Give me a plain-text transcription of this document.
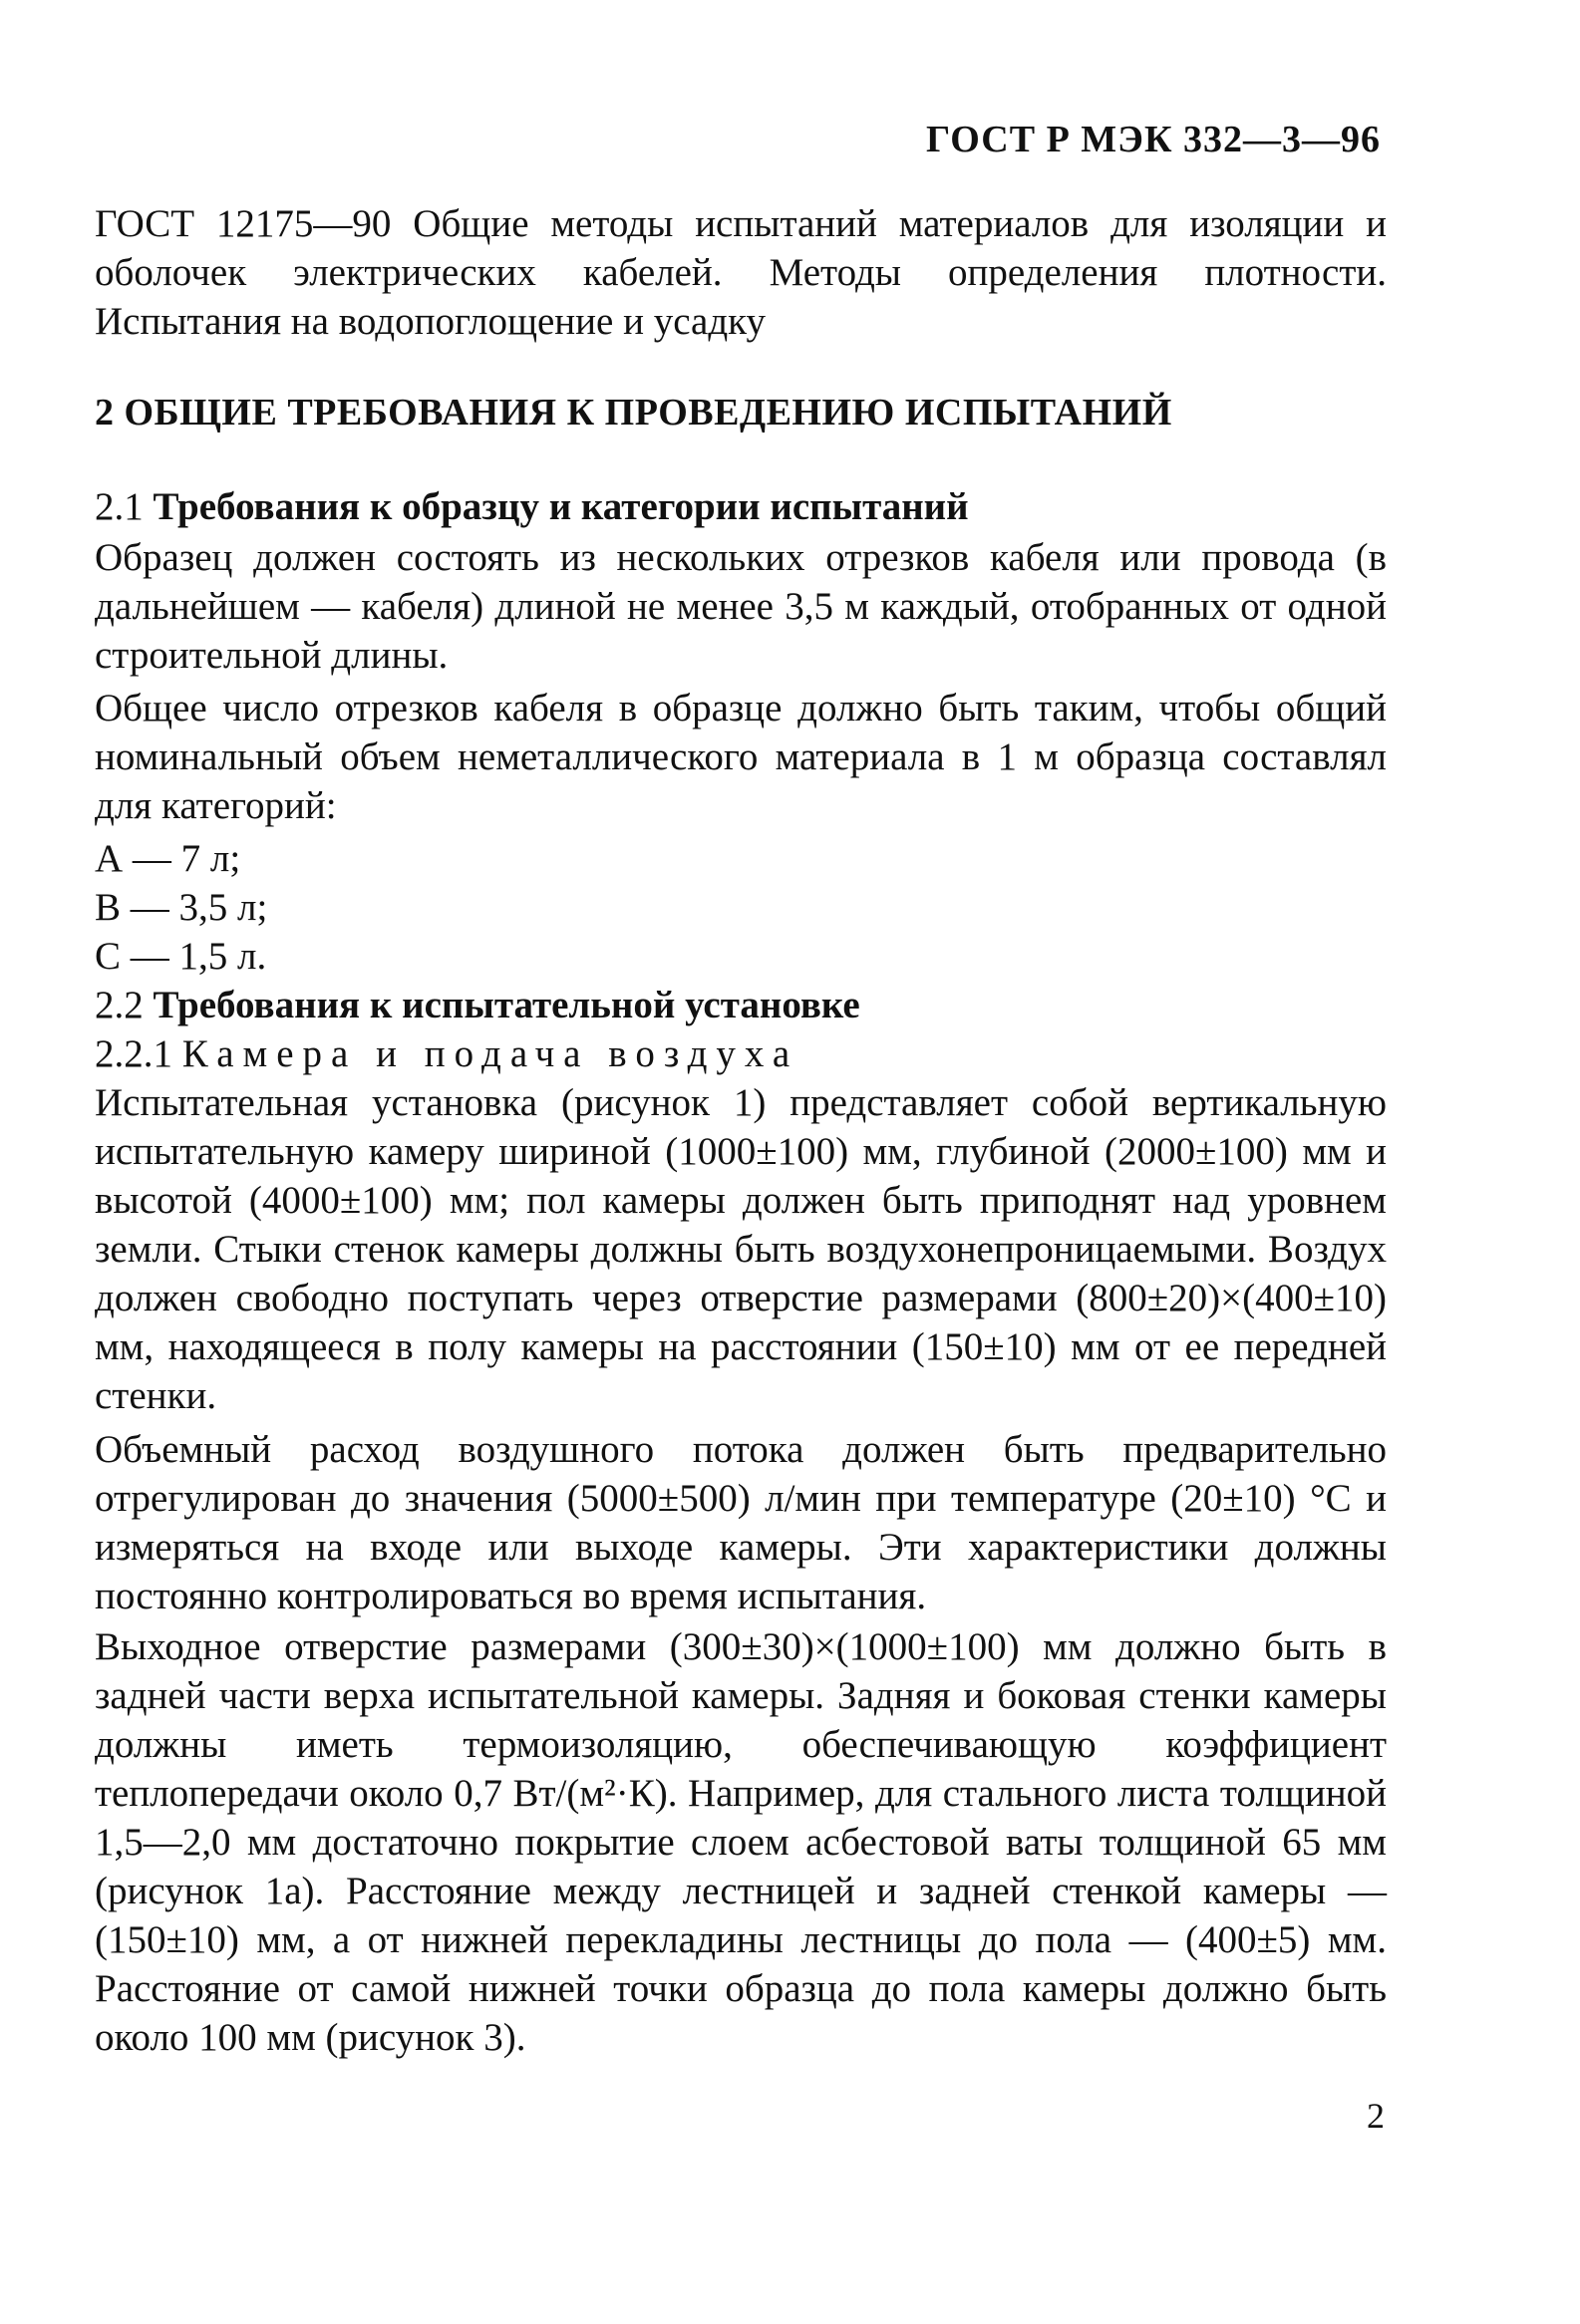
ГОСТ Р МЭК 332—3—96

ГОСТ 12175—90 Общие методы испытаний материалов для изоляции и оболочек электрических кабелей. Методы определения плотности. Испытания на водопоглощение и усадку

2 ОБЩИЕ ТРЕБОВАНИЯ К ПРОВЕДЕНИЮ ИСПЫТАНИЙ
2.1 Требования к образцу и категории испытаний

Образец должен состоять из нескольких отрезков кабеля или провода (в дальнейшем — кабеля) длиной не менее 3,5 м каждый, отобранных от одной строительной длины.

Общее число отрезков кабеля в образце должно быть таким, чтобы общий номинальный объем неметаллического материала в 1 м образца составлял для категорий:

А — 7 л;
В — 3,5 л;
С — 1,5 л.
2.2 Требования к испытательной установке
2.2.1 Камера и подача воздуха

Испытательная установка (рисунок 1) представляет собой вертикальную испытательную камеру шириной (1000±100) мм, глубиной (2000±100) мм и высотой (4000±100) мм; пол камеры должен быть приподнят над уровнем земли. Стыки стенок камеры должны быть воздухонепроницаемыми. Воздух должен свободно поступать через отверстие размерами (800±20)×(400±10) мм, находящееся в полу камеры на расстоянии (150±10) мм от ее передней стенки.

Объемный расход воздушного потока должен быть предварительно отрегулирован до значения (5000±500) л/мин при температуре (20±10) °С и измеряться на входе или выходе камеры. Эти характеристики должны постоянно контролироваться во время испытания.

Выходное отверстие размерами (300±30)×(1000±100) мм должно быть в задней части верха испытательной камеры. Задняя и боковая стенки камеры должны иметь термоизоляцию, обеспечивающую коэффициент теплопередачи около 0,7 Вт/(м²·К). Например, для стального листа толщиной 1,5—2,0 мм достаточно покрытие слоем асбестовой ваты толщиной 65 мм (рисунок 1а). Расстояние между лестницей и задней стенкой камеры — (150±10) мм, а от нижней перекладины лестницы до пола — (400±5) мм. Расстояние от самой нижней точки образца до пола камеры должно быть около 100 мм (рисунок 3).

2
